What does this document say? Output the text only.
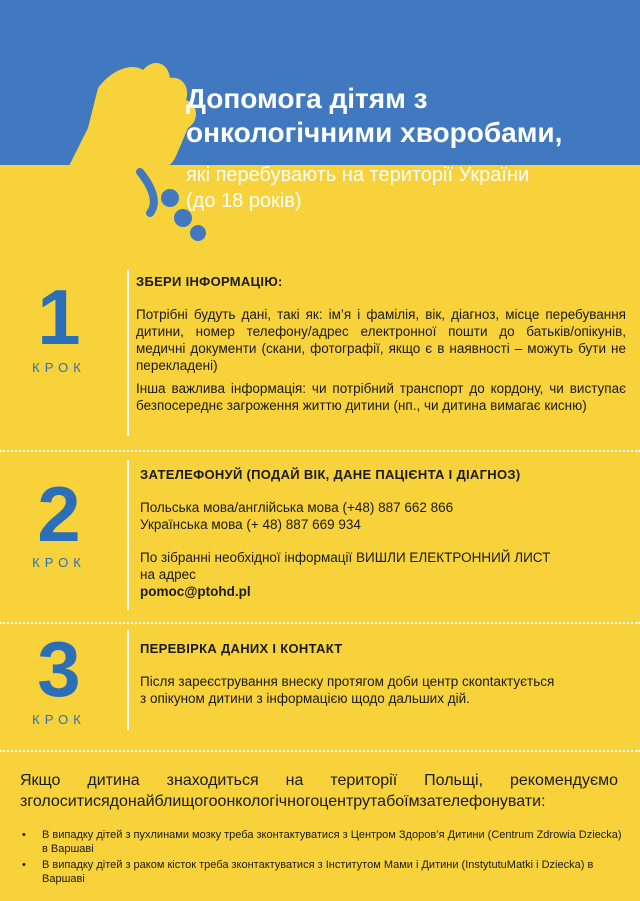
Допомога дітям з
онкологічними хворобами,
які перебувають на території України
(до 18 років)
1
КРОК
ЗБЕРИ ІНФОРМАЦІЮ:

Потрібні будуть дані, такі як: ім’я і фамілія, вік, діагноз, місце перебування дитини, номер телефону/адрес електронної пошти до батьків/опікунів, медичні документи (скани, фотографії, якщо є в наявності – можуть бути не перекладені)

Інша важлива інформація: чи потрібний транспорт до кордону, чи виступає безпосереднє загроження життю дитини (нп., чи дитина вимагає кисню)

2
КРОК
ЗАТЕЛЕФОНУЙ (ПОДАЙ ВІК, ДАНЕ ПАЦІЄНТА І ДІАГНОЗ)
Польська мова/англійська мова (+48) 887 662 866
Українська мова (+ 48) 887 669 934
По зібранні необхідної інформації ВИШЛИ ЕЛЕКТРОННИЙ ЛИСТ
на адрес
pomoc@ptohd.pl
3
КРОК
ПЕРЕВІРКА ДАНИХ І КОНТАКТ
Після зареєстрування внеску протягом доби центр скontактується
з опікуном дитини з інформацією щодо дальших дій.

Якщо дитина знаходиться на території Польщі, рекомендуємо зголоситисядонайблищогоонкологічногоцентрутабоїмзателефонувати:

• В випадку дітей з пухлинами мозку треба зконтактуватися з Центром Здоров’я Дитини (Centrum Zdrowia Dziecka) в Варшаві
• В випадку дітей з раком кісток треба зконтактуватися з Інститутом Мами і Дитини (InstytutuMatki i Dziecka) в Варшаві
